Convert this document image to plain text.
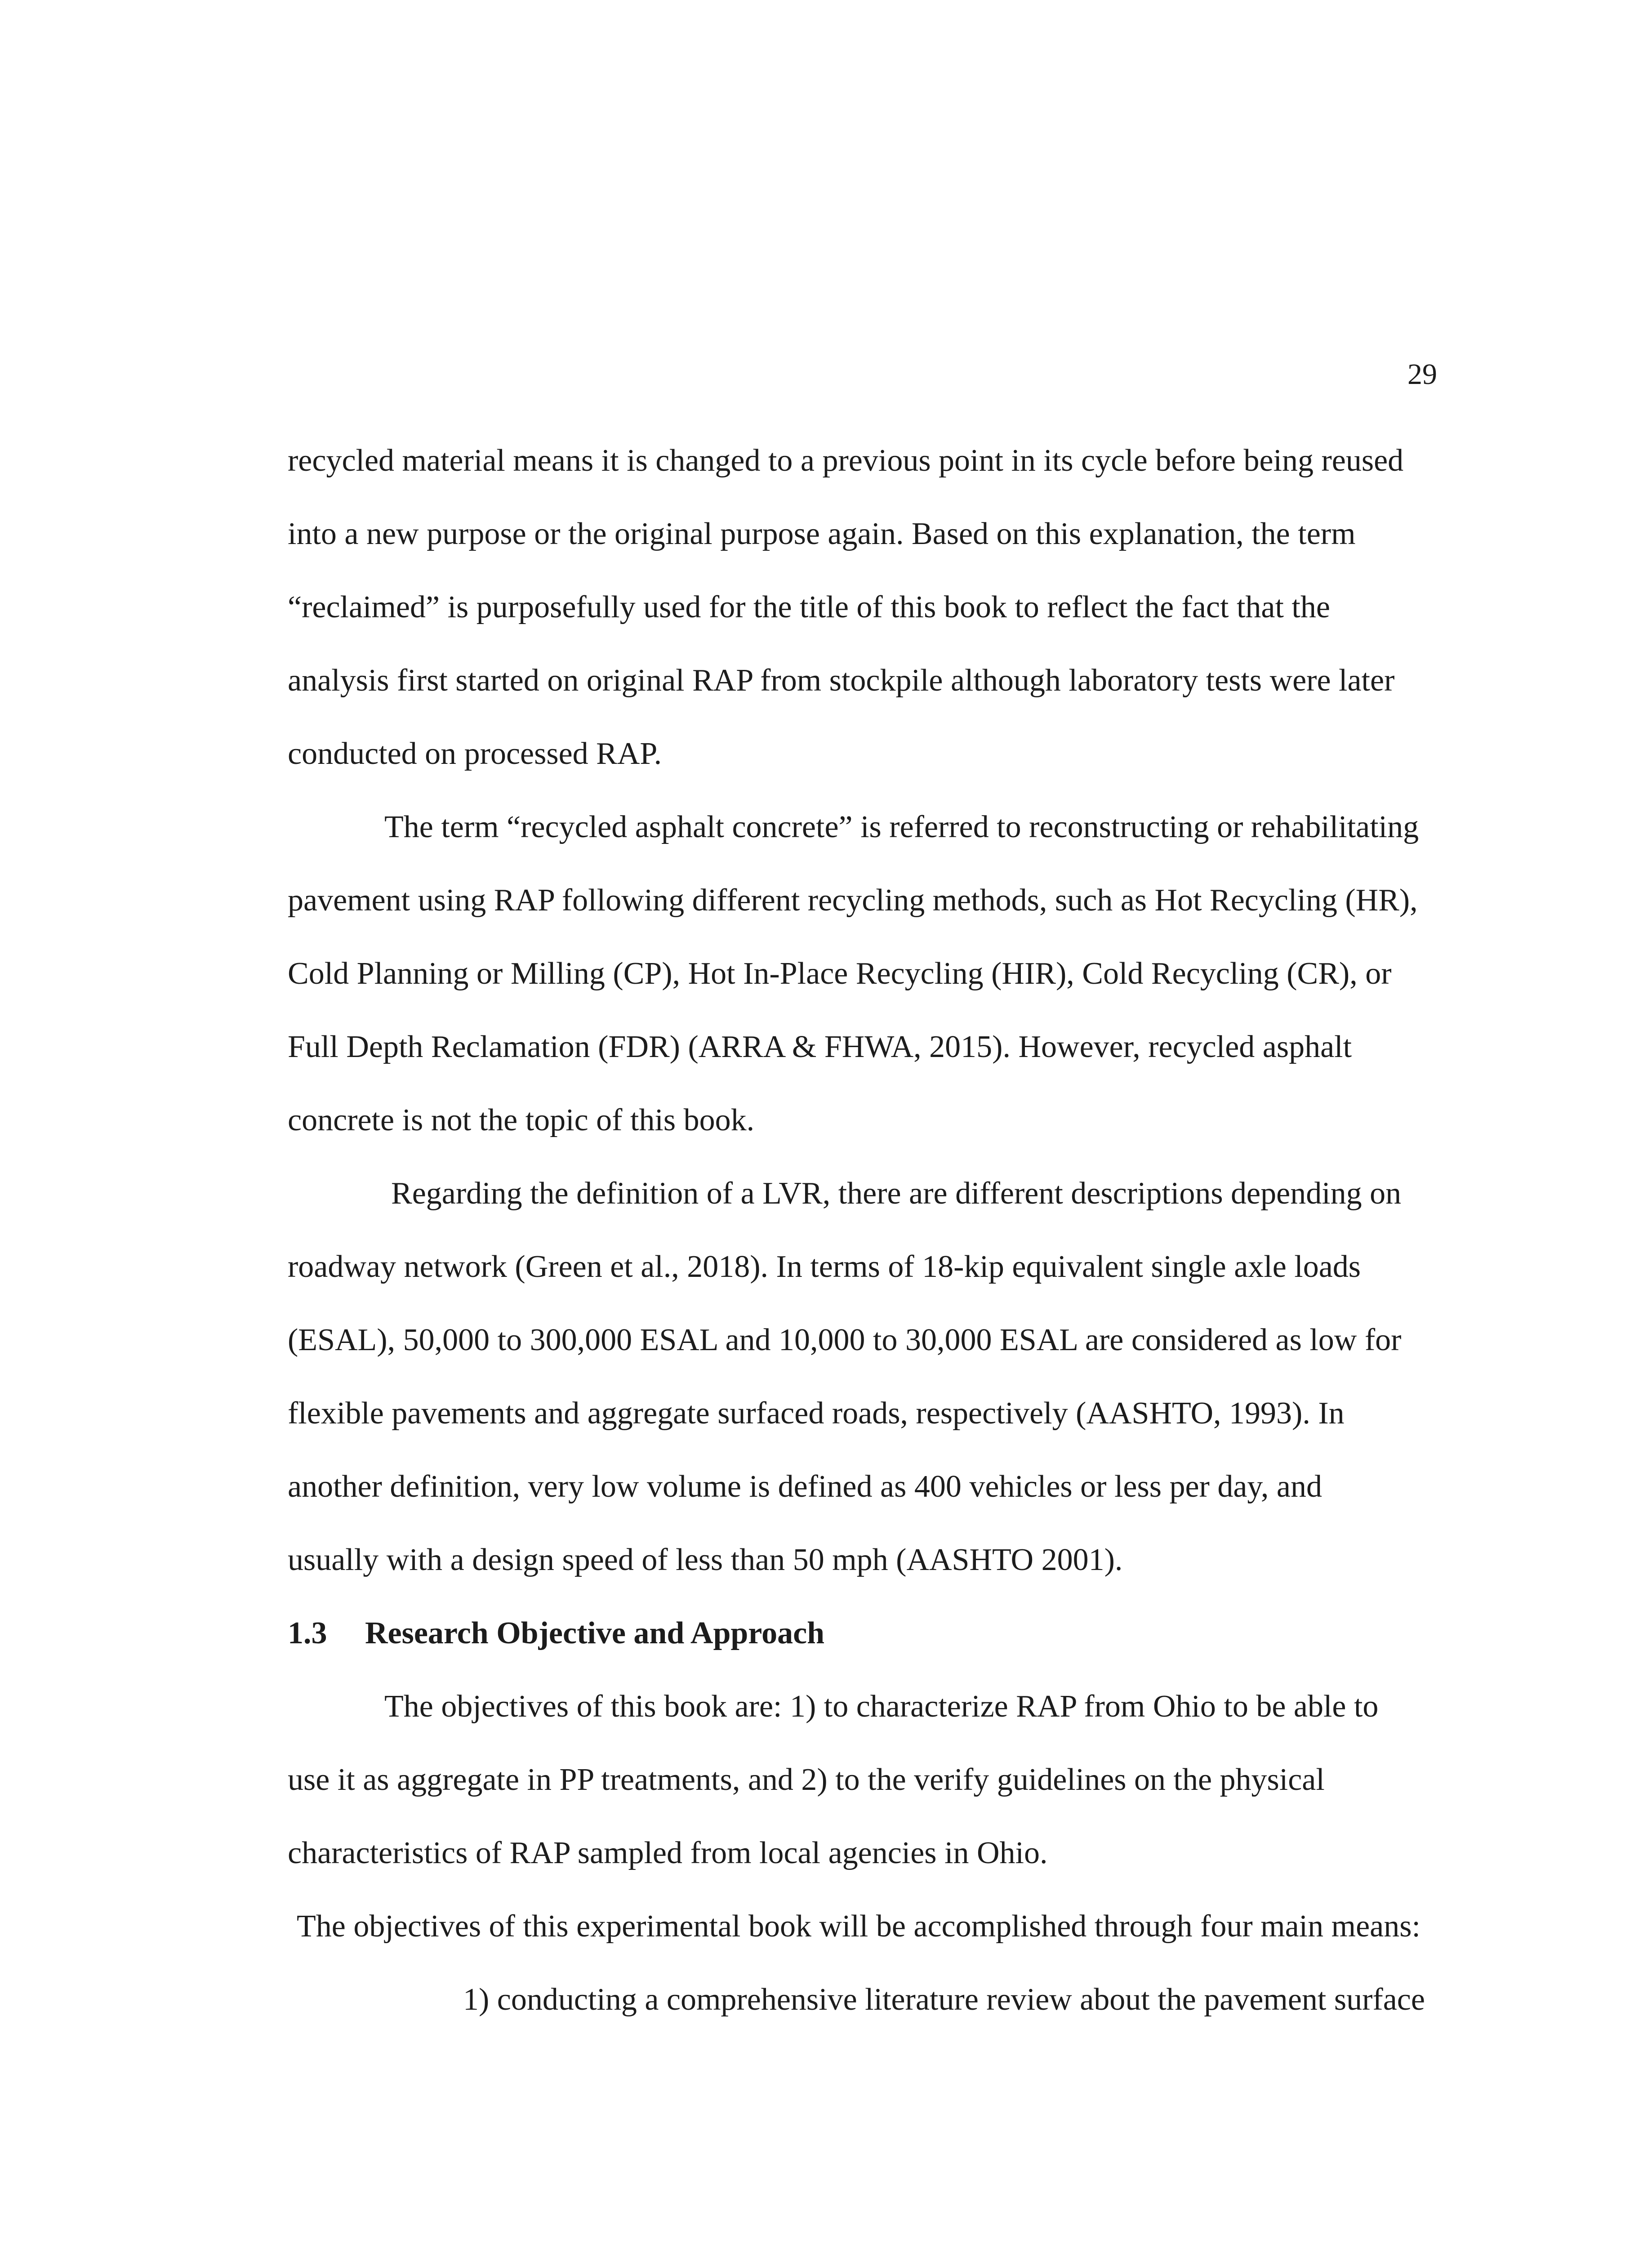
29
recycled material means it is changed to a previous point in its cycle before being reused
into a new purpose or the original purpose again. Based on this explanation, the term
“reclaimed” is purposefully used for the title of this book to reflect the fact that the
analysis first started on original RAP from stockpile although laboratory tests were later
conducted on processed RAP.
The term “recycled asphalt concrete” is referred to reconstructing or rehabilitating
pavement using RAP following different recycling methods, such as Hot Recycling (HR),
Cold Planning or Milling (CP), Hot In-Place Recycling (HIR), Cold Recycling (CR), or
Full Depth Reclamation (FDR) (ARRA & FHWA, 2015). However, recycled asphalt
concrete is not the topic of this book.
Regarding the definition of a LVR, there are different descriptions depending on
roadway network (Green et al., 2018). In terms of 18-kip equivalent single axle loads
(ESAL), 50,000 to 300,000 ESAL and 10,000 to 30,000 ESAL are considered as low for
flexible pavements and aggregate surfaced roads, respectively (AASHTO, 1993). In
another definition, very low volume is defined as 400 vehicles or less per day, and
usually with a design speed of less than 50 mph (AASHTO 2001).
1.3 Research Objective and Approach
The objectives of this book are: 1) to characterize RAP from Ohio to be able to
use it as aggregate in PP treatments, and 2) to the verify guidelines on the physical
characteristics of RAP sampled from local agencies in Ohio.
The objectives of this experimental book will be accomplished through four main means:
1) conducting a comprehensive literature review about the pavement surface
